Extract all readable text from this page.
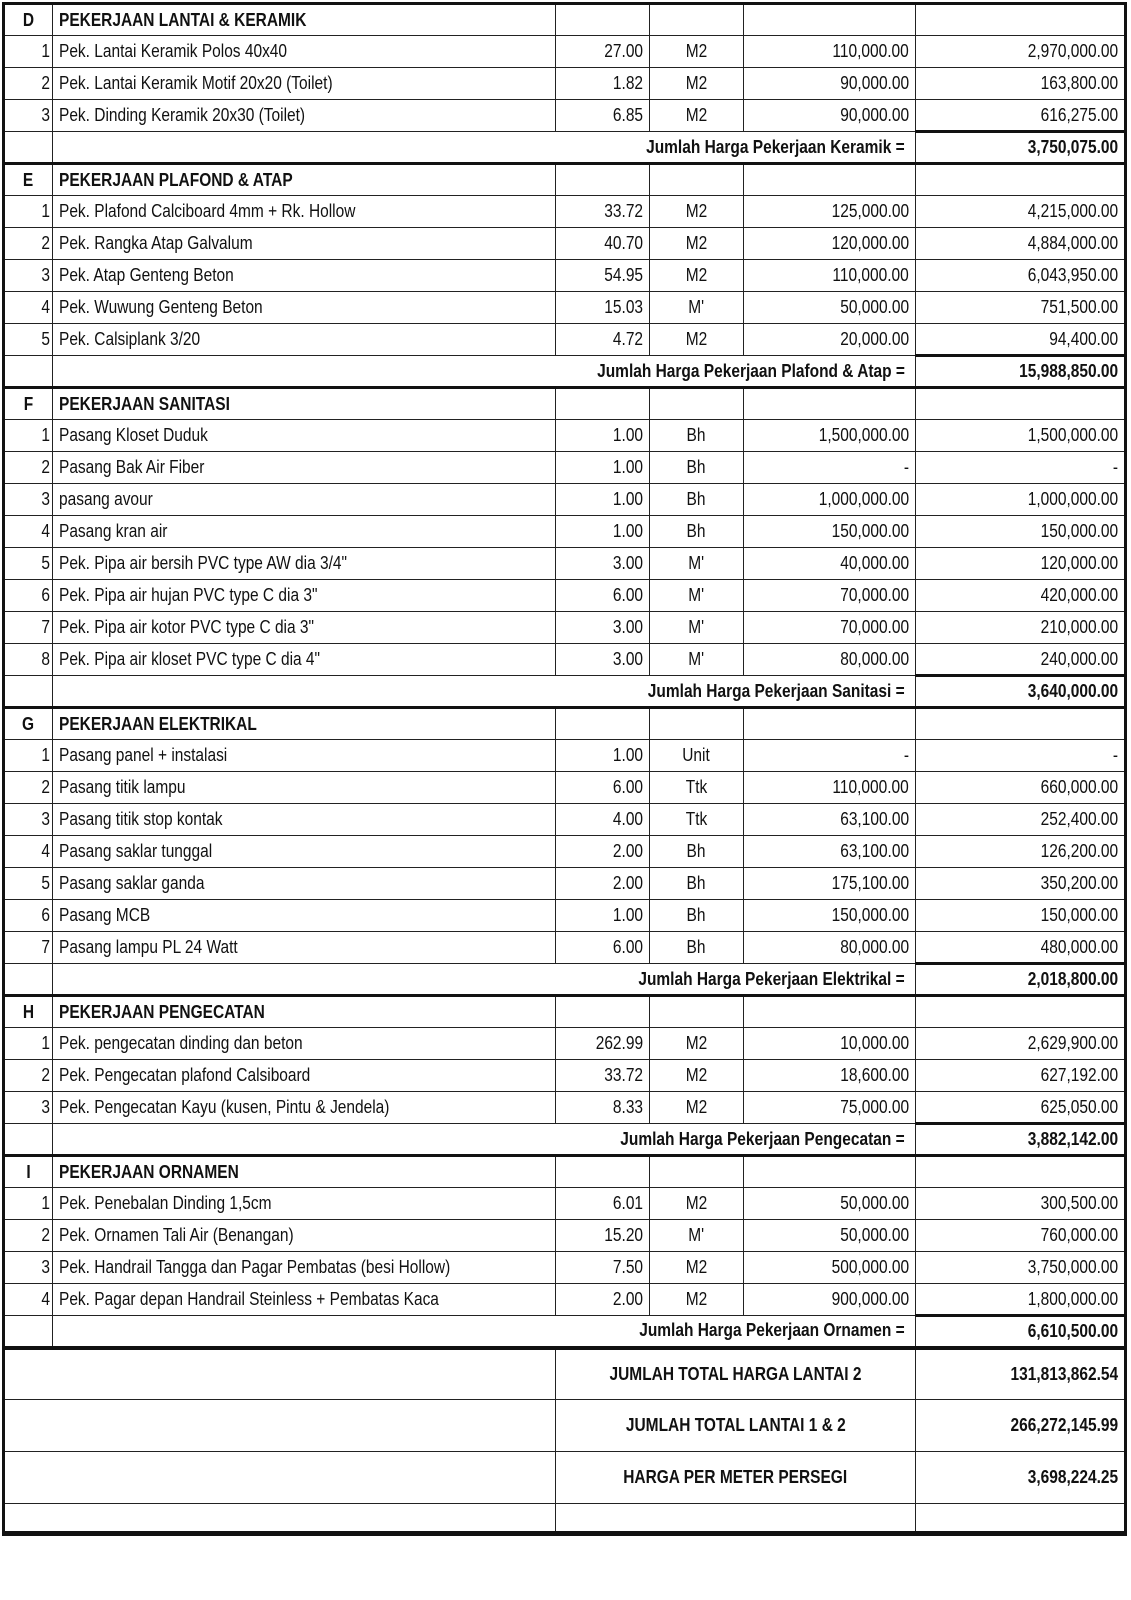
D	PEKERJAAN LANTAI & KERAMIK				
1	Pek. Lantai Keramik Polos 40x40	27.00	M2	110,000.00	2,970,000.00
2	Pek. Lantai Keramik Motif 20x20 (Toilet)	1.82	M2	90,000.00	163,800.00
3	Pek. Dinding Keramik 20x30 (Toilet)	6.85	M2	90,000.00	616,275.00
	Jumlah Harga Pekerjaan Keramik =				3,750,075.00
E	PEKERJAAN PLAFOND & ATAP				
1	Pek. Plafond Calciboard 4mm + Rk. Hollow	33.72	M2	125,000.00	4,215,000.00
2	Pek. Rangka Atap Galvalum	40.70	M2	120,000.00	4,884,000.00
3	Pek. Atap Genteng Beton	54.95	M2	110,000.00	6,043,950.00
4	Pek. Wuwung Genteng Beton	15.03	M'	50,000.00	751,500.00
5	Pek. Calsiplank 3/20	4.72	M2	20,000.00	94,400.00
	Jumlah Harga Pekerjaan Plafond & Atap =				15,988,850.00
F	PEKERJAAN SANITASI				
1	Pasang Kloset Duduk	1.00	Bh	1,500,000.00	1,500,000.00
2	Pasang Bak Air Fiber	1.00	Bh	-	-
3	pasang avour	1.00	Bh	1,000,000.00	1,000,000.00
4	Pasang kran air	1.00	Bh	150,000.00	150,000.00
5	Pek. Pipa air bersih PVC type AW dia 3/4"	3.00	M'	40,000.00	120,000.00
6	Pek. Pipa air hujan PVC type C dia 3"	6.00	M'	70,000.00	420,000.00
7	Pek. Pipa air kotor PVC type C dia 3"	3.00	M'	70,000.00	210,000.00
8	Pek. Pipa air kloset PVC type C dia 4"	3.00	M'	80,000.00	240,000.00
	Jumlah Harga Pekerjaan Sanitasi =				3,640,000.00
G	PEKERJAAN ELEKTRIKAL				
1	Pasang panel + instalasi	1.00	Unit	-	-
2	Pasang titik lampu	6.00	Ttk	110,000.00	660,000.00
3	Pasang titik stop kontak	4.00	Ttk	63,100.00	252,400.00
4	Pasang saklar tunggal	2.00	Bh	63,100.00	126,200.00
5	Pasang saklar ganda	2.00	Bh	175,100.00	350,200.00
6	Pasang MCB	1.00	Bh	150,000.00	150,000.00
7	Pasang lampu PL 24 Watt	6.00	Bh	80,000.00	480,000.00
	Jumlah Harga Pekerjaan Elektrikal =				2,018,800.00
H	PEKERJAAN PENGECATAN				
1	Pek. pengecatan dinding dan beton	262.99	M2	10,000.00	2,629,900.00
2	Pek. Pengecatan plafond Calsiboard	33.72	M2	18,600.00	627,192.00
3	Pek. Pengecatan Kayu (kusen, Pintu & Jendela)	8.33	M2	75,000.00	625,050.00
	Jumlah Harga Pekerjaan Pengecatan =				3,882,142.00
I	PEKERJAAN ORNAMEN				
1	Pek. Penebalan Dinding 1,5cm	6.01	M2	50,000.00	300,500.00
2	Pek. Ornamen Tali Air (Benangan)	15.20	M'	50,000.00	760,000.00
3	Pek. Handrail Tangga dan Pagar Pembatas (besi Hollow)	7.50	M2	500,000.00	3,750,000.00
4	Pek. Pagar depan Handrail Steinless + Pembatas Kaca	2.00	M2	900,000.00	1,800,000.00
	Jumlah Harga Pekerjaan Ornamen =				6,610,500.00
		JUMLAH TOTAL HARGA LANTAI 2			131,813,862.54
		JUMLAH TOTAL LANTAI 1 & 2			266,272,145.99
		HARGA PER METER PERSEGI			3,698,224.25
